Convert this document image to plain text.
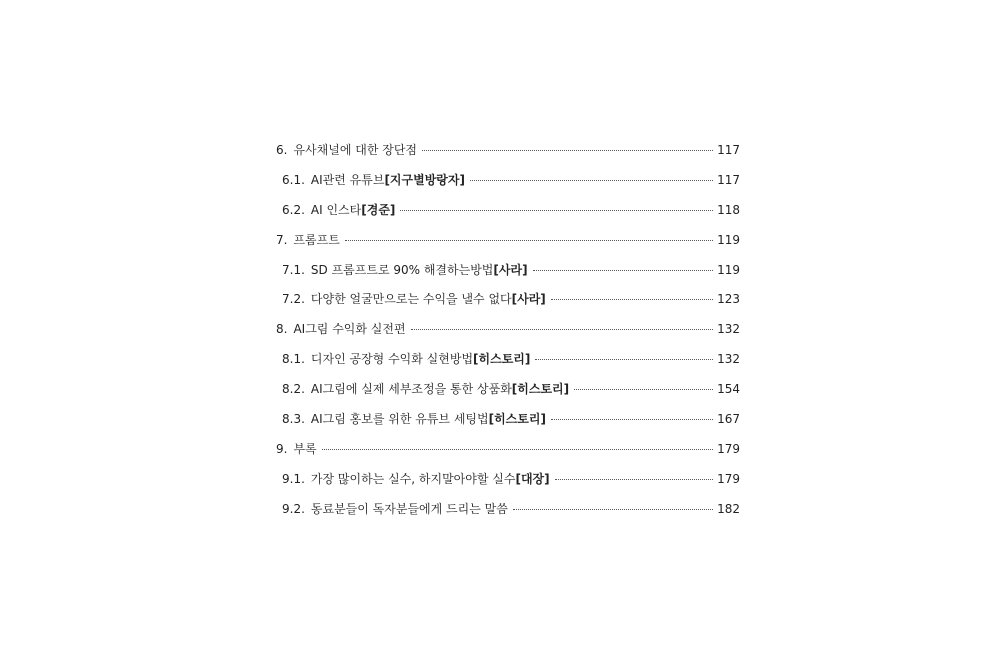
6. 유사채널에 대한 장단점	117
6.1. AI관련 유튜브[지구별방랑자]	117
6.2. AI 인스타[경준]	118
7. 프롬프트	119
7.1. SD 프롬프트로 90% 해결하는방법[사라]	119
7.2. 다양한 얼굴만으로는 수익을 낼수 없다[사라]	123
8. AI그림 수익화 실전편	132
8.1. 디자인 공장형 수익화 실현방법[히스토리]	132
8.2. AI그림에 실제 세부조정을 통한 상품화[히스토리]	154
8.3. AI그림 홍보를 위한 유튜브 세팅법[히스토리]	167
9. 부록	179
9.1. 가장 많이하는 실수, 하지말아야할 실수[대장]	179
9.2. 동료분들이 독자분들에게 드리는 말씀	182
